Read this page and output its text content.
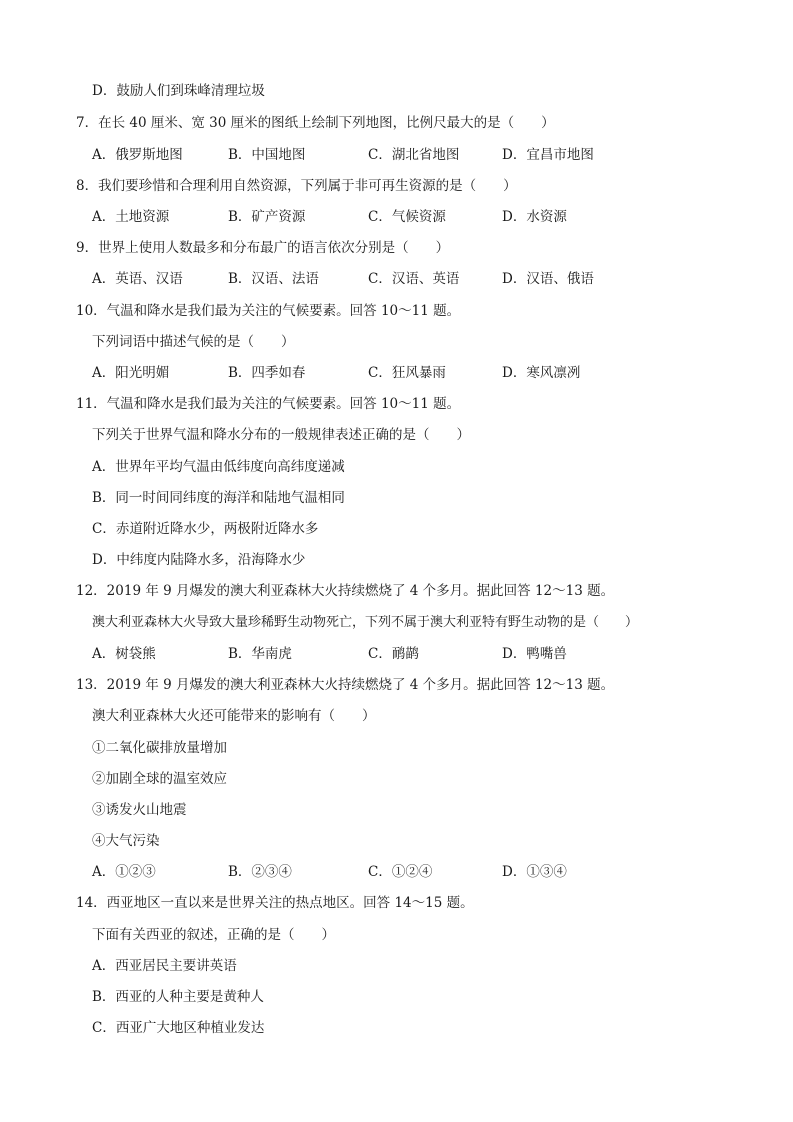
D．鼓励人们到珠峰清理垃圾
7．在长 40 厘米、宽 30 厘米的图纸上绘制下列地图，比例尺最大的是（　　）
A．俄罗斯地图	B．中国地图	C．湖北省地图	D．宜昌市地图
8．我们要珍惜和合理利用自然资源，下列属于非可再生资源的是（　　）
A．土地资源	B．矿产资源	C．气候资源	D．水资源
9．世界上使用人数最多和分布最广的语言依次分别是（　　）
A．英语、汉语	B．汉语、法语	C．汉语、英语	D．汉语、俄语
10．气温和降水是我们最为关注的气候要素。回答 10～11 题。
下列词语中描述气候的是（　　）
A．阳光明媚	B．四季如春	C．狂风暴雨	D．寒风凛冽
11．气温和降水是我们最为关注的气候要素。回答 10～11 题。
下列关于世界气温和降水分布的一般规律表述正确的是（　　）
A．世界年平均气温由低纬度向高纬度递减
B．同一时间同纬度的海洋和陆地气温相同
C．赤道附近降水少，两极附近降水多
D．中纬度内陆降水多，沿海降水少
12．2019 年 9 月爆发的澳大利亚森林大火持续燃烧了 4 个多月。据此回答 12～13 题。
澳大利亚森林大火导致大量珍稀野生动物死亡，下列不属于澳大利亚特有野生动物的是（　　）
A．树袋熊	B．华南虎	C．鸸鹋	D．鸭嘴兽
13．2019 年 9 月爆发的澳大利亚森林大火持续燃烧了 4 个多月。据此回答 12～13 题。
澳大利亚森林大火还可能带来的影响有（　　）
①二氧化碳排放量增加
②加剧全球的温室效应
③诱发火山地震
④大气污染
A．①②③	B．②③④	C．①②④	D．①③④
14．西亚地区一直以来是世界关注的热点地区。回答 14～15 题。
下面有关西亚的叙述，正确的是（　　）
A．西亚居民主要讲英语
B．西亚的人种主要是黄种人
C．西亚广大地区种植业发达
